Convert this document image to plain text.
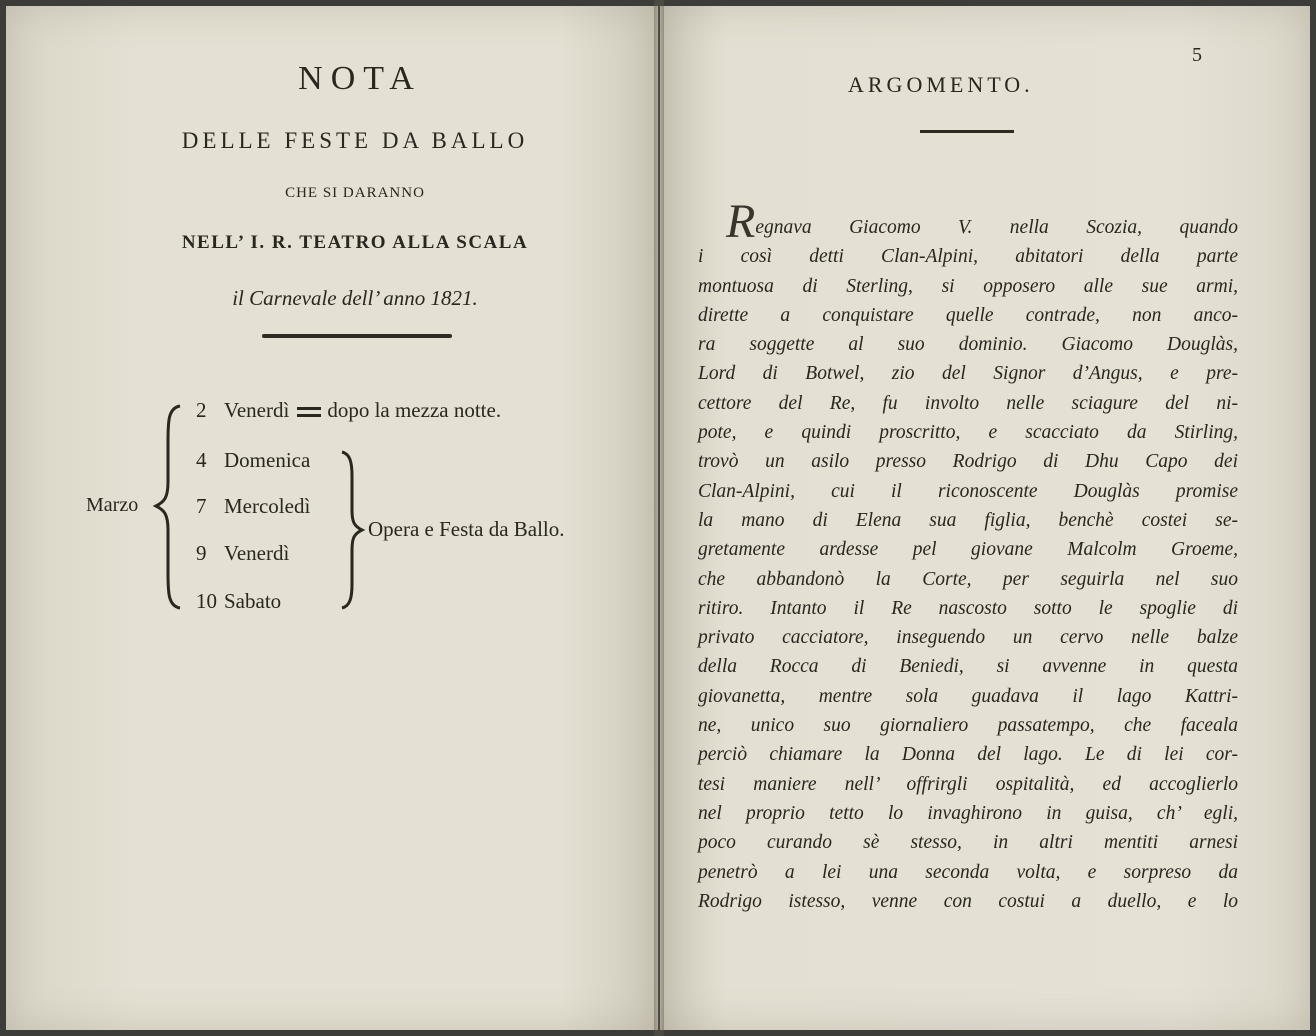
NOTA
DELLE FESTE DA BALLO
CHE SI DARANNO
NELL’ I. R. TEATRO ALLA SCALA
il Carnevale dell’ anno 1821.
Marzo
2 Venerdì dopo la mezza notte.
4 Domenica
7 Mercoledì
9 Venerdì
10 Sabato
Opera e Festa da Ballo.
5
ARGOMENTO.
Regnava Giacomo V. nella Scozia, quando
i così detti Clan-Alpini, abitatori della parte
montuosa di Sterling, si opposero alle sue armi,
dirette a conquistare quelle contrade, non anco-
ra soggette al suo dominio. Giacomo Douglàs,
Lord di Botwel, zio del Signor d’Angus, e pre-
cettore del Re, fu involto nelle sciagure del ni-
pote, e quindi proscritto, e scacciato da Stirling,
trovò un asilo presso Rodrigo di Dhu Capo dei
Clan-Alpini, cui il riconoscente Douglàs promise
la mano di Elena sua figlia, benchè costei se-
gretamente ardesse pel giovane Malcolm Groeme,
che abbandonò la Corte, per seguirla nel suo
ritiro. Intanto il Re nascosto sotto le spoglie di
privato cacciatore, inseguendo un cervo nelle balze
della Rocca di Beniedi, si avvenne in questa
giovanetta, mentre sola guadava il lago Kattri-
ne, unico suo giornaliero passatempo, che faceala
perciò chiamare la Donna del lago. Le di lei cor-
tesi maniere nell’ offrirgli ospitalità, ed accoglierlo
nel proprio tetto lo invaghirono in guisa, ch’ egli,
poco curando sè stesso, in altri mentiti arnesi
penetrò a lei una seconda volta, e sorpreso da
Rodrigo istesso, venne con costui a duello, e lo
